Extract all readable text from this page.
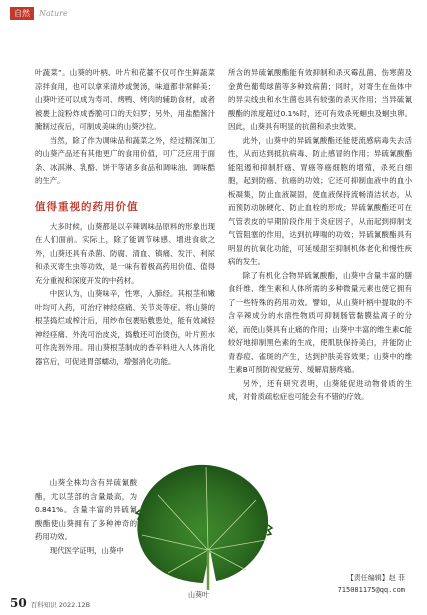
自然	Nature

叶蔬菜”。山葵的叶柄、叶片和花薹不仅可作生鲜蔬菜凉拌食用，也可以拿来清炒或煲汤，味道都非常鲜美；山葵叶还可以成为寿司、烤鸭、烤肉的辅助食材，或者被裹上淀粉炸成香脆可口的天妇罗；另外，用盐酷酱汁腌制过夜后，可制成美味的山葵沙拉。

当然，除了作为调味品和蔬菜之外，经过精深加工的山葵产品还有其他更广的食用价值，可广泛应用于面条、冰淇淋、乳酪、饼干等诸多食品和调味油、调味酷的生产。

值得重视的药用价值

大多时候，山葵都是以辛辣调味品原料的形象出现在人们面前。实际上，除了能调节味感、增进食欲之外，山葵还具有杀菌、防腐、清血、镇痛、发汗、利尿和杀灭寄生虫等功效，是一味有着极高药用价值、值得充分重视和深度开发的中药材。

中医认为，山葵味辛，性寒，入肺经。其根茎和嫩叶均可入药，可治疗神经痉痛、关节炎等症。将山葵的根茎捣烂或榨汁后，用纱布包裹贴敷患处，能有效减轻神经痉痛、外洗可治皮炎，捣敷还可治烫伤，叶片煎水可作洗剂外用。用山葵根茎制成的香辛料进入人体消化器官后，可促进胃部蠕动，增强消化功能。

山葵全株均含有异硫氰酸酯，尤以茎部的含量最高，为0.841%。含量丰富的异硫氰酸酯使山葵拥有了多种神奇的药用功效。

现代医学证明，山葵中

所含的异硫氰酸酯能有效抑制和杀灭霉乱菌、伤寒菌及金黄色葡萄球菌等多种致病菌；同时，对寄生在鱼体中的异尖线虫和水生菌也具有较强的杀灭作用；当异硫氰酸酯的浓度超过0.1%时，还可有效杀死蛔虫及蛔虫卵。因此，山葵具有明显的抗菌和杀虫效果。

此外，山葵中的异硫氰酸酯还能使流感病毒失去活性，从而达到抵抗病毒、防止感冒的作用；异硫氰酸酯能阻遏和抑制肝癌、胃癌等癌细胞的增殖，杀死白细胞，起到防癌、抗癌的功效；它还可抑制血液中的血小板凝集，防止血液凝固，使血液保持流畅清洁状态，从而预防动脉硬化、防止血栓的形成；异硫氰酸酯还可在气管表皮的早期阶段作用于炎症因子，从而起到抑制支气管阻塞的作用，达到抗哮喘的功效；异硫氰酸酯具有明显的抗氧化功能，可延缓甜至抑制机体老化和慢性疾病的发生。

除了有机化合物异硫氰酸酯，山葵中含量丰富的膳食纤维、维生素和人体所需的多种微量元素也使它拥有了一些特殊的药用功效。譬如，从山葵叶柄中提取的不含辛辣成分的水溶性物质可抑制肠管黏膜盐离子的分泌，而使山葵具有止痛的作用；山葵中丰富的维生素C能较好地抑制黑色素的生成，使肌肤保持美白，并能防止青春痘、雀斑的产生，达到护肤美容效果；山葵中的维生素B可预防视觉疲劳、缓解肩膀疼痛。

另外，还有研究表明，山葵能促进动物骨质的生成，对骨质疏松症也可能会有不错的疗效。

山葵叶
【责任编辑】赵 菲
715081175@qq.com
50 百科知识 2022.12B
